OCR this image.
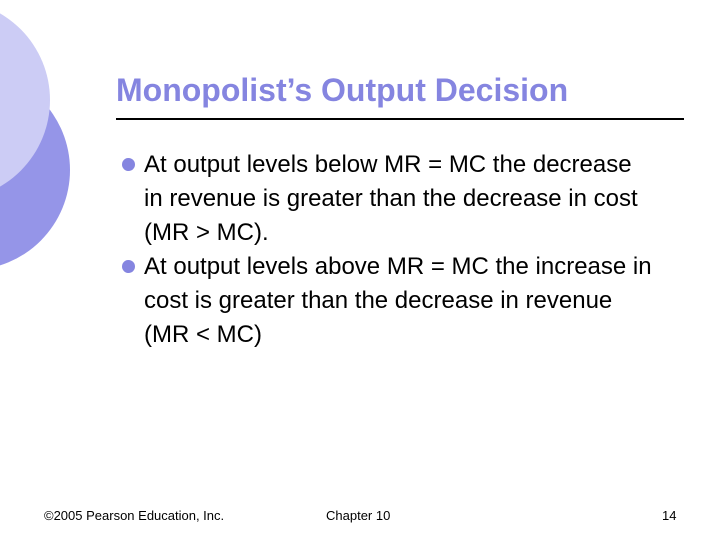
Monopolist’s Output Decision
At output levels below MR = MC the decrease in revenue is greater than the decrease in cost (MR > MC).
At output levels above MR = MC the increase in cost is greater than the decrease in revenue (MR < MC)
©2005 Pearson Education, Inc.	Chapter 10	14
